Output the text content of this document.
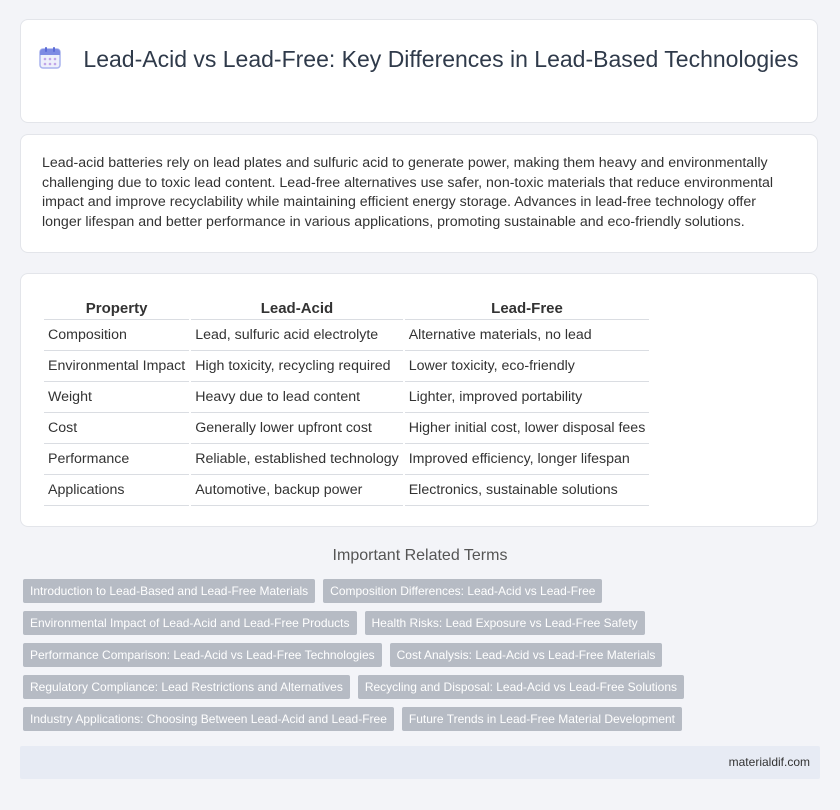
Lead-Acid vs Lead-Free: Key Differences in Lead-Based Technologies

Lead-acid batteries rely on lead plates and sulfuric acid to generate power, making them heavy and environmentally challenging due to toxic lead content. Lead-free alternatives use safer, non-toxic materials that reduce environmental impact and improve recyclability while maintaining efficient energy storage. Advances in lead-free technology offer longer lifespan and better performance in various applications, promoting sustainable and eco-friendly solutions.

Property	Lead-Acid	Lead-Free
Composition	Lead, sulfuric acid electrolyte	Alternative materials, no lead
Environmental Impact	High toxicity, recycling required	Lower toxicity, eco-friendly
Weight	Heavy due to lead content	Lighter, improved portability
Cost	Generally lower upfront cost	Higher initial cost, lower disposal fees
Performance	Reliable, established technology	Improved efficiency, longer lifespan
Applications	Automotive, backup power	Electronics, sustainable solutions
Important Related Terms
Introduction to Lead-Based and Lead-Free Materials	Composition Differences: Lead-Acid vs Lead-Free
Environmental Impact of Lead-Acid and Lead-Free Products	Health Risks: Lead Exposure vs Lead-Free Safety
Performance Comparison: Lead-Acid vs Lead-Free Technologies	Cost Analysis: Lead-Acid vs Lead-Free Materials
Regulatory Compliance: Lead Restrictions and Alternatives	Recycling and Disposal: Lead-Acid vs Lead-Free Solutions
Industry Applications: Choosing Between Lead-Acid and Lead-Free	Future Trends in Lead-Free Material Development
materialdif.com
